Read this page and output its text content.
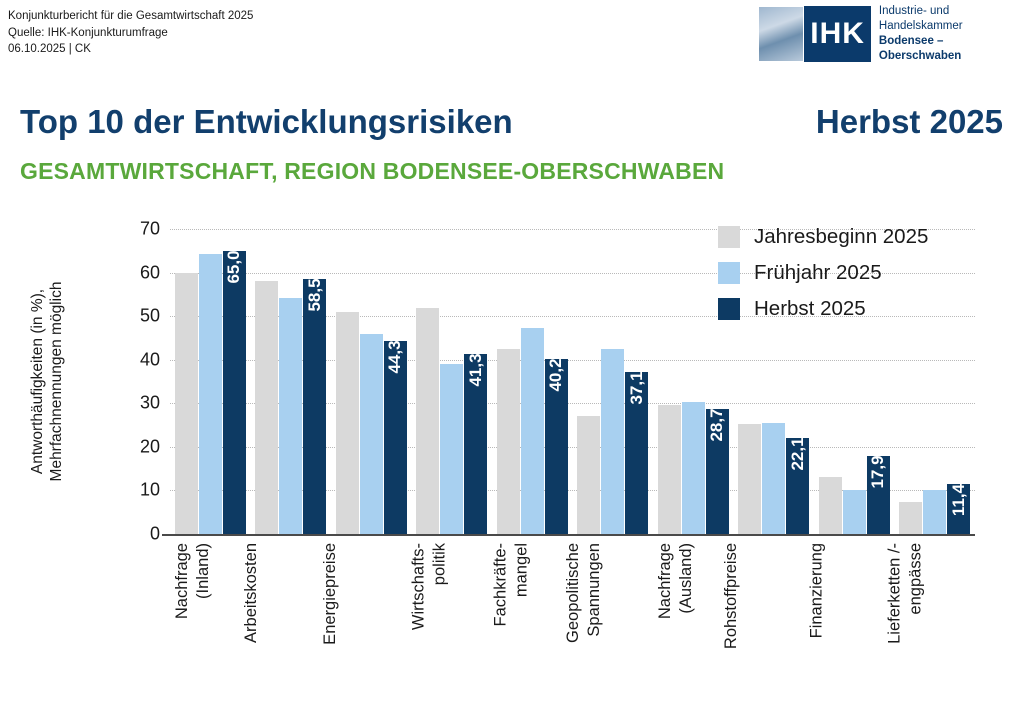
Konjunkturbericht für die Gesamtwirtschaft 2025
Quelle: IHK-Konjunkturumfrage
06.10.2025 | CK	IHK
Industrie- und Handelskammer
Bodensee – Oberschwaben
Top 10 der Entwicklungsrisiken	Herbst 2025
GESAMTWIRTSCHAFT, REGION BODENSEE-OBERSCHWABEN
Antworthäufigkeiten (in %), Mehrfachnennungen möglich
0
10
20
30
40
50
60
70
65,0
Nachfrage (Inland)
58,5
Arbeitskosten
44,3
Energiepreise
41,3
Wirtschafts- politik
40,2
Fachkräfte- mangel
37,1
Geopolitische Spannungen
28,7
Nachfrage (Ausland)
22,1
Rohstoffpreise
17,9
Finanzierung
11,4
Lieferketten /- engpässe
Jahresbeginn 2025
Frühjahr 2025
Herbst 2025
